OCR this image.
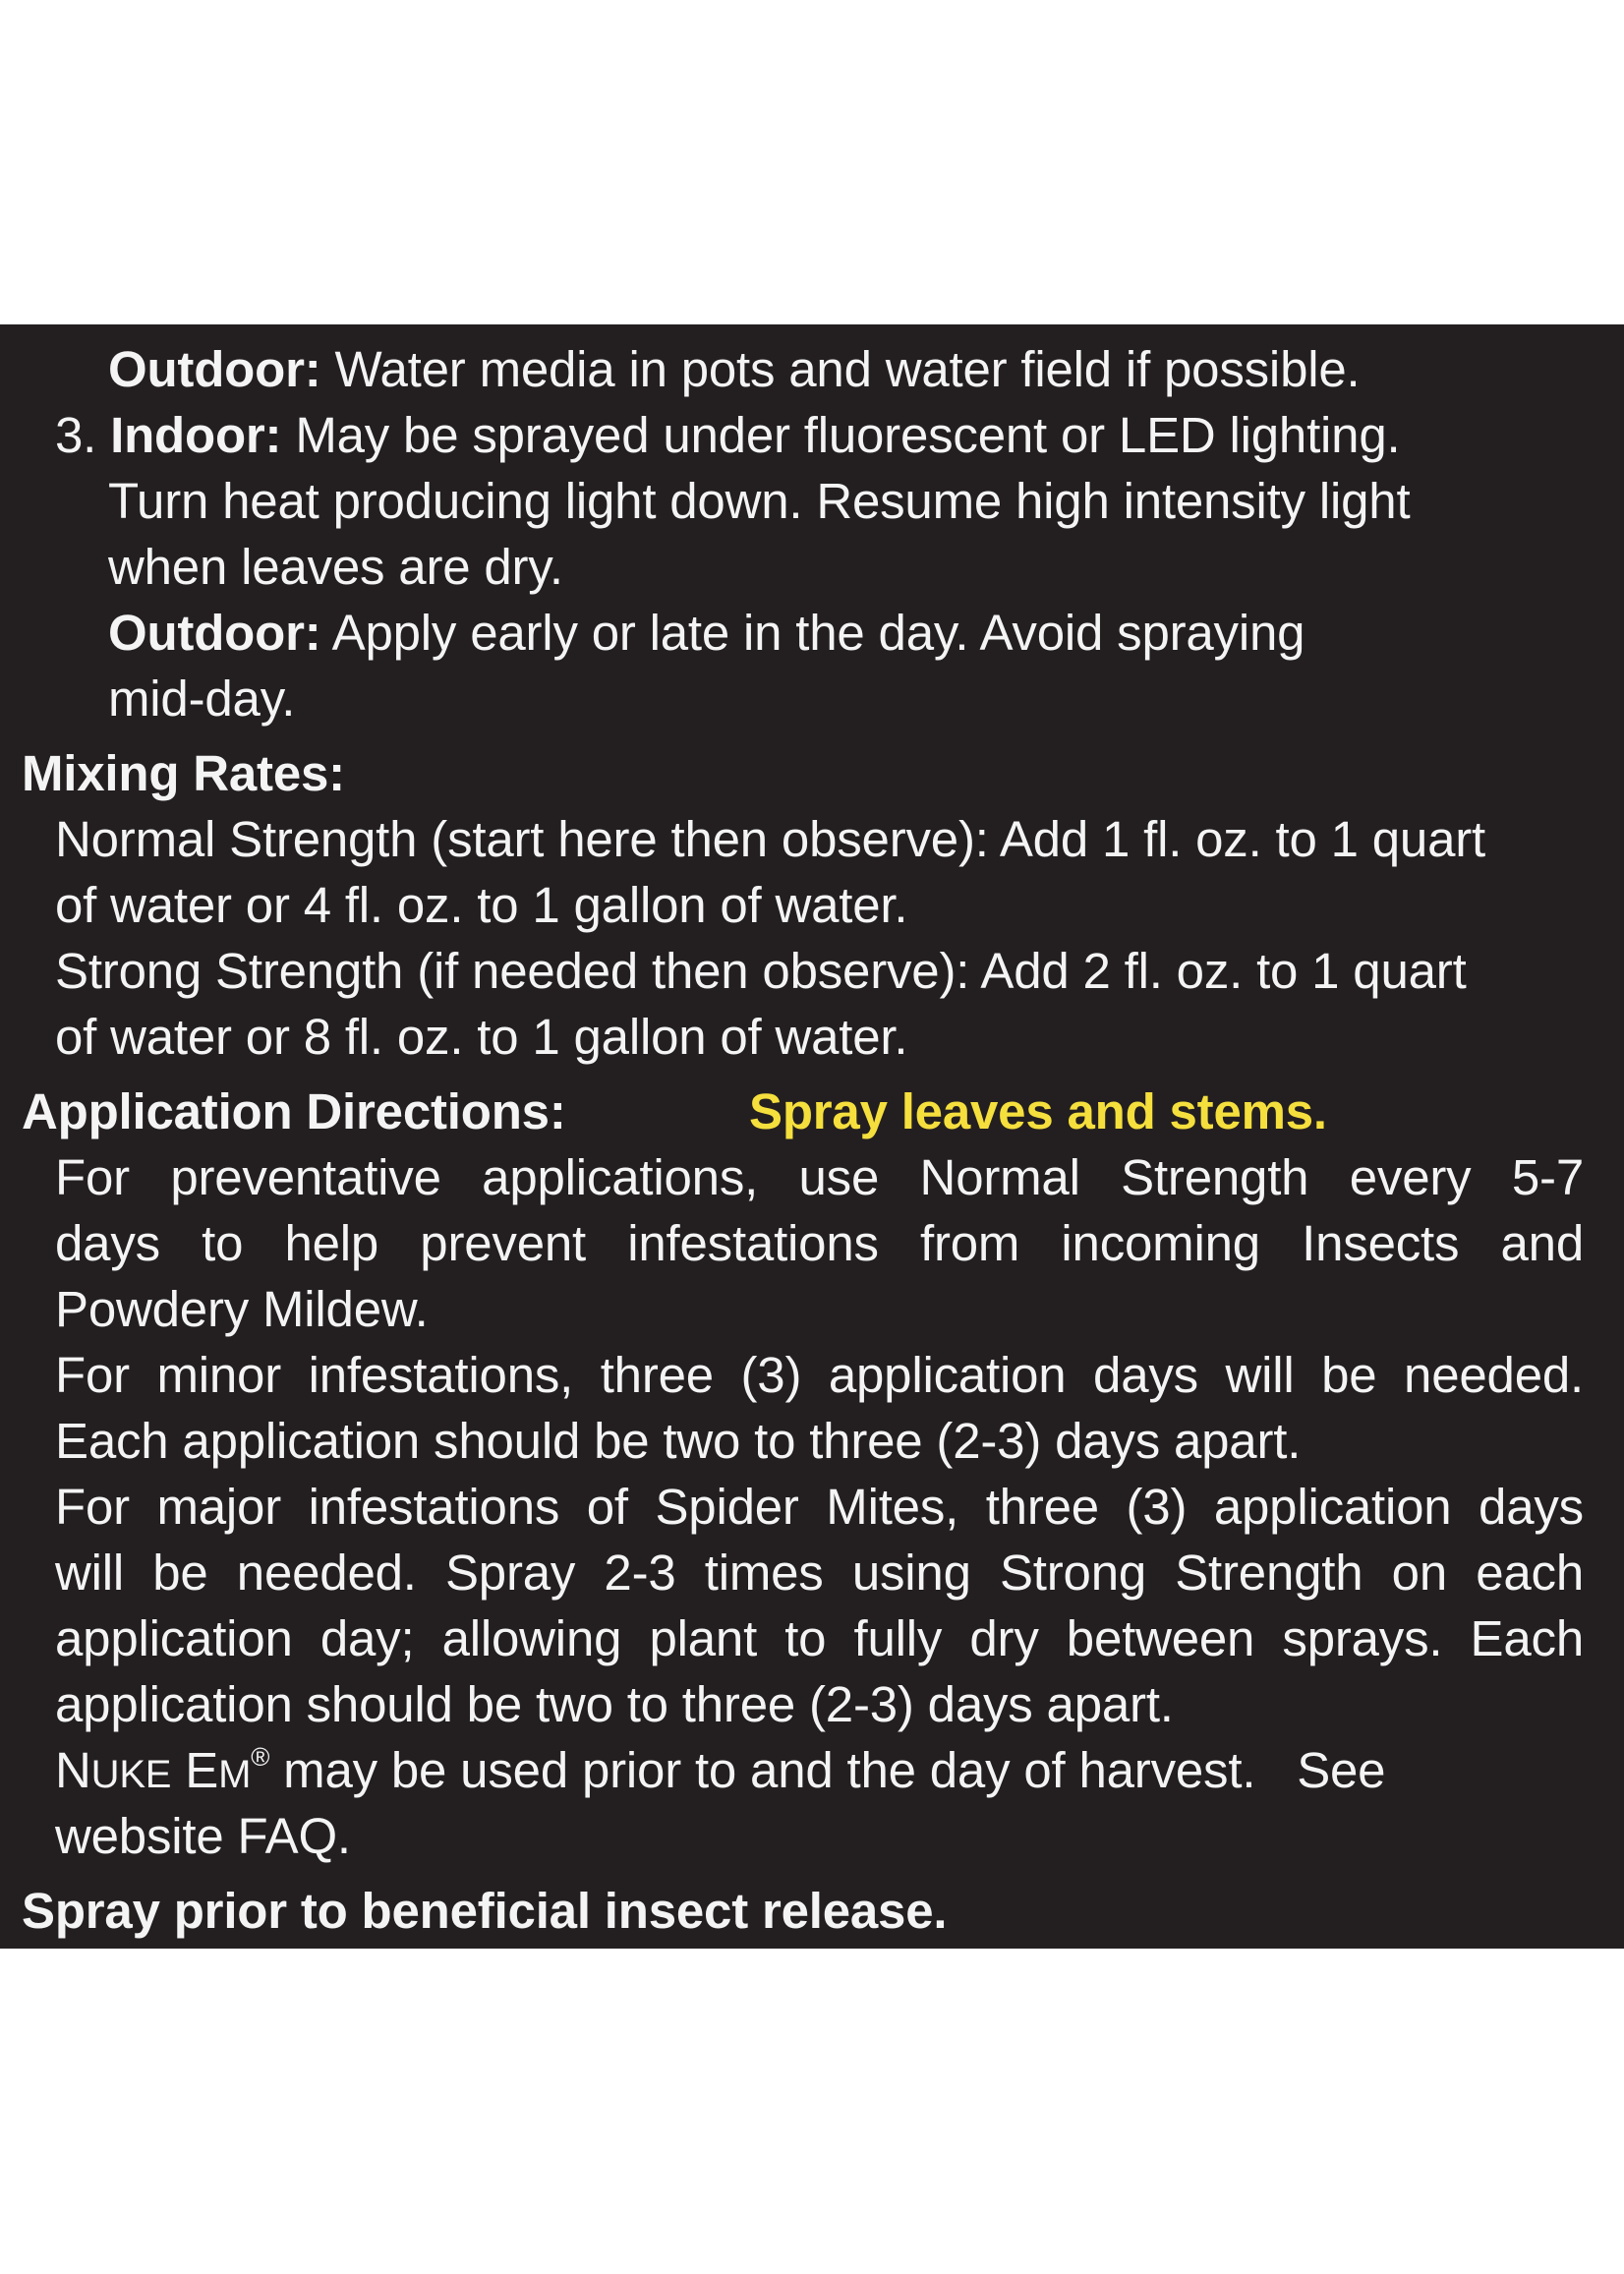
Outdoor: Water media in pots and water field if possible.
3. Indoor: May be sprayed under fluorescent or LED lighting.
Turn heat producing light down. Resume high intensity light
when leaves are dry.
Outdoor: Apply early or late in the day. Avoid spraying
mid-day.
Mixing Rates:
Normal Strength (start here then observe): Add 1 fl. oz. to 1 quart
of water or 4 fl. oz. to 1 gallon of water.
Strong Strength (if needed then observe): Add 2 fl. oz. to 1 quart
of water or 8 fl. oz. to 1 gallon of water.
Application Directions:	Spray leaves and stems.
For preventative applications, use Normal Strength every 5-7
days to help prevent infestations from incoming Insects and
Powdery Mildew.
For minor infestations, three (3) application days will be needed.
Each application should be two to three (2-3) days apart.
For major infestations of Spider Mites, three (3) application days
will be needed. Spray 2-3 times using Strong Strength on each
application day; allowing plant to fully dry between sprays. Each
application should be two to three (2-3) days apart.
NUKE EM® may be used prior to and the day of harvest.   See
website FAQ.
Spray prior to beneficial insect release.
